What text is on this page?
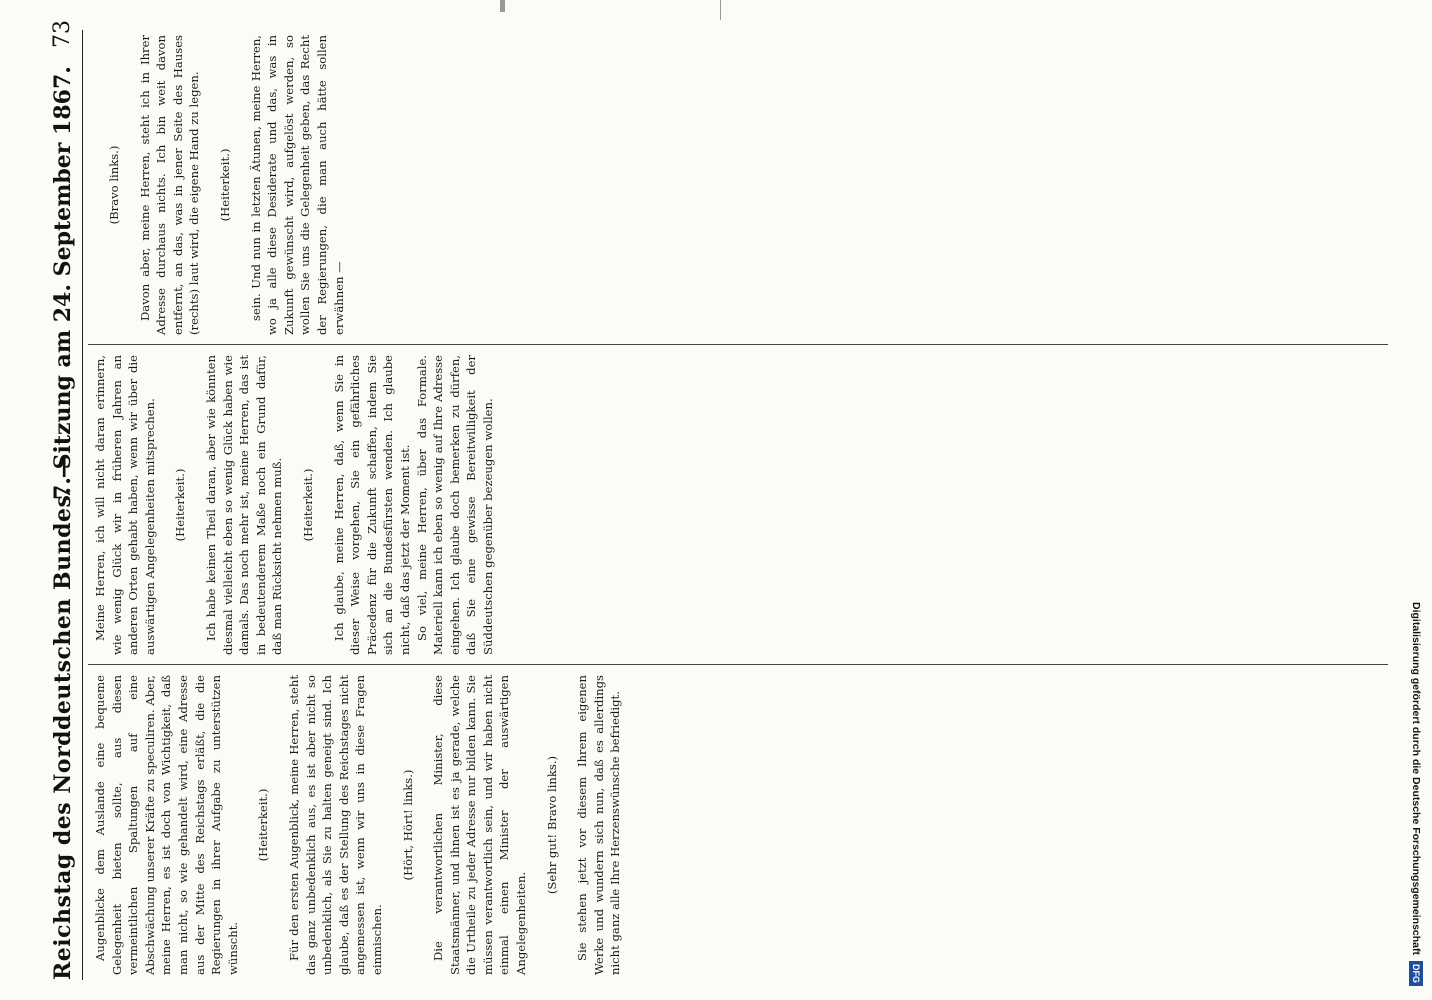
Reichstag des Norddeutschen Bundes. —
7. Sitzung am 24. September 1867.
73

Augenblicke dem Auslande eine bequeme Gelegenheit bieten sollte, aus diesen vermeintlichen Spaltungen auf eine Abschwächung unserer Kräfte zu speculiren. Aber, meine Herren, es ist doch von Wichtigkeit, daß man nicht, so wie gehandelt wird, eine Adresse aus der Mitte des Reichstags erläßt, die die Regierungen in ihrer Aufgabe zu unterstützen wünscht.

(Heiterkeit.) Für den ersten Augenblick, meine Herren, steht das ganz unbedenklich aus, es ist aber nicht so unbedenklich, als Sie zu halten geneigt sind. Ich glaube, daß es der Stellung des Reichstages nicht angemessen ist, wenn wir uns in diese Fragen einmischen.

(Hört, Hört! links.) Die verantwortlichen Minister, diese Staatsmänner, und ihnen ist es ja gerade, welche die Urtheile zu jeder Adresse nur bilden kann. Sie müssen verantwortlich sein, und wir haben nicht einmal einen Minister der auswärtigen Angelegenheiten.

(Sehr gut! Bravo links.) Sie stehen jetzt vor diesem Ihrem eigenen Werke und wundern sich nun, daß es allerdings nicht ganz alle Ihre Herzenswünsche befriedigt.

Meine Herren, ich will nicht daran erinnern, wie wenig Glück wir in früheren Jahren an anderen Orten gehabt haben, wenn wir über die auswärtigen Angelegenheiten mitsprechen. (Heiterkeit.) Ich habe keinen Theil daran, aber wie könnten diesmal vielleicht eben so wenig Glück haben wie damals. Das noch mehr ist, meine Herren, das ist in bedeutenderem Maße noch ein Grund dafür, daß man Rücksicht nehmen muß. (Heiterkeit.) Ich glaube, meine Herren, daß, wenn Sie in dieser Weise vorgehen, Sie ein gefährliches Präcedenz für die Zukunft schaffen, indem Sie sich an die Bundesfürsten wenden. Ich glaube nicht, daß das jetzt der Moment ist. So viel, meine Herren, über das Formale. Materiell kann ich eben so wenig auf Ihre Adresse eingehen. Ich glaube doch bemerken zu dürfen, daß Sie eine gewisse Bereitwilligkeit der Süddeutschen gegenüber bezeugen wollen.

(Bravo links.) Davon aber, meine Herren, steht ich in Ihrer Adresse durchaus nichts. Ich bin weit davon entfernt, an das, was in jener Seite des Hauses (rechts) laut wird, die eigene Hand zu legen. (Heiterkeit.) sein. Und nun in letzten Ätunen, meine Herren, wo ja alle diese Desiderate und das, was in Zukunft gewünscht wird, aufgelöst werden, so wollen Sie uns die Gelegenheit geben, das Recht der Regierungen, die man auch hätte sollen erwähnen —

Digitalisierung gefördert durch die Deutsche ForschungsgemeinschaftDFG
